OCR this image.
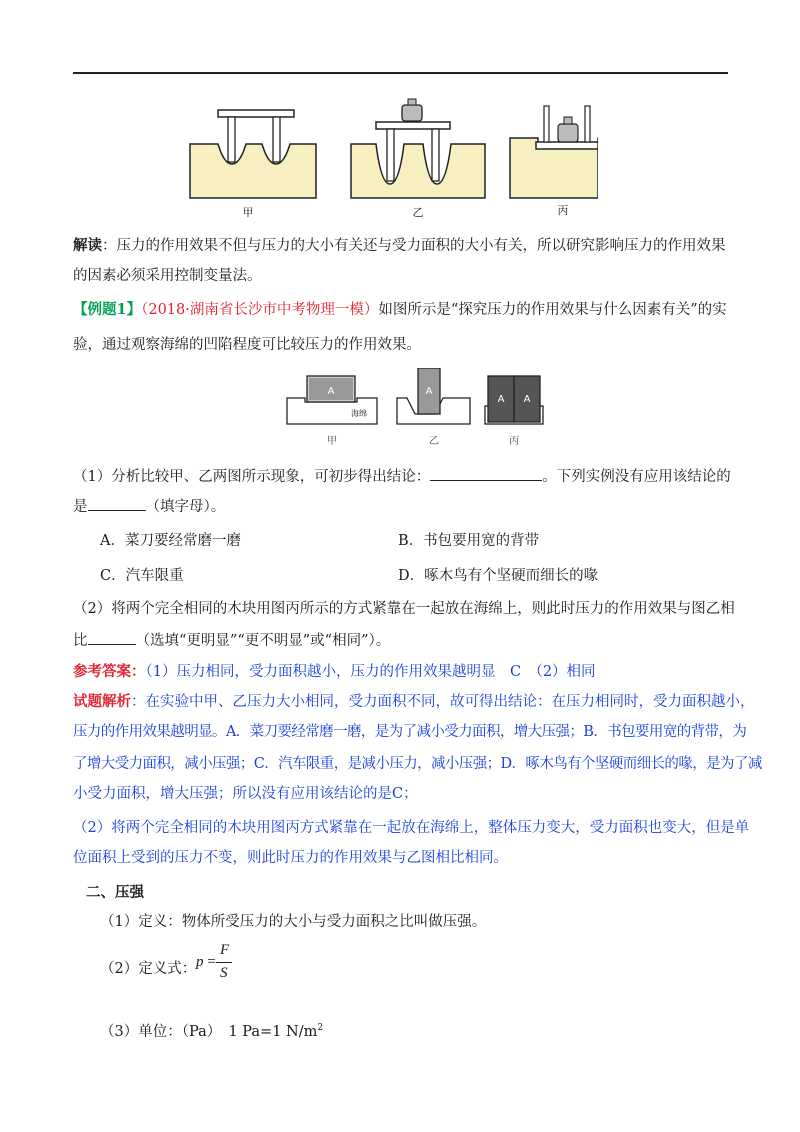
甲	乙	丙
解读：压力的作用效果不但与压力的大小有关还与受力面积的大小有关，所以研究影响压力的作用效果
的因素必须采用控制变量法。
【例题1】（2018·湖南省长沙市中考物理一模）如图所示是“探究压力的作用效果与什么因素有关”的实
验，通过观察海绵的凹陷程度可比较压力的作用效果。
A
海绵
A
A A
甲	乙	丙
（1）分析比较甲、乙两图所示现象，可初步得出结论：	。下列实例没有应用该结论的
是	（填字母）。
A．菜刀要经常磨一磨	B．书包要用宽的背带
C．汽车限重	D．啄木鸟有个坚硬而细长的喙
（2）将两个完全相同的木块用图丙所示的方式紧靠在一起放在海绵上，则此时压力的作用效果与图乙相
比	（选填“更明显”“更不明显”或“相同”）。
参考答案：（1）压力相同，受力面积越小，压力的作用效果越明显　C　（2）相同
试题解析：在实验中甲、乙压力大小相同，受力面积不同，故可得出结论：在压力相同时，受力面积越小，
压力的作用效果越明显。A．菜刀要经常磨一磨，是为了减小受力面积，增大压强；B．书包要用宽的背带，为
了增大受力面积，减小压强；C．汽车限重，是减小压力，减小压强；D．啄木鸟有个坚硬而细长的喙，是为了减
小受力面积，增大压强；所以没有应用该结论的是C；
（2）将两个完全相同的木块用图丙方式紧靠在一起放在海绵上，整体压力变大，受力面积也变大，但是单
位面积上受到的压力不变，则此时压力的作用效果与乙图相比相同。
二、压强
（1）定义：物体所受压力的大小与受力面积之比叫做压强。
（2）定义式： p =
F
S
（3）单位：（Pa）　1 Pa=1 $N/m^2$
